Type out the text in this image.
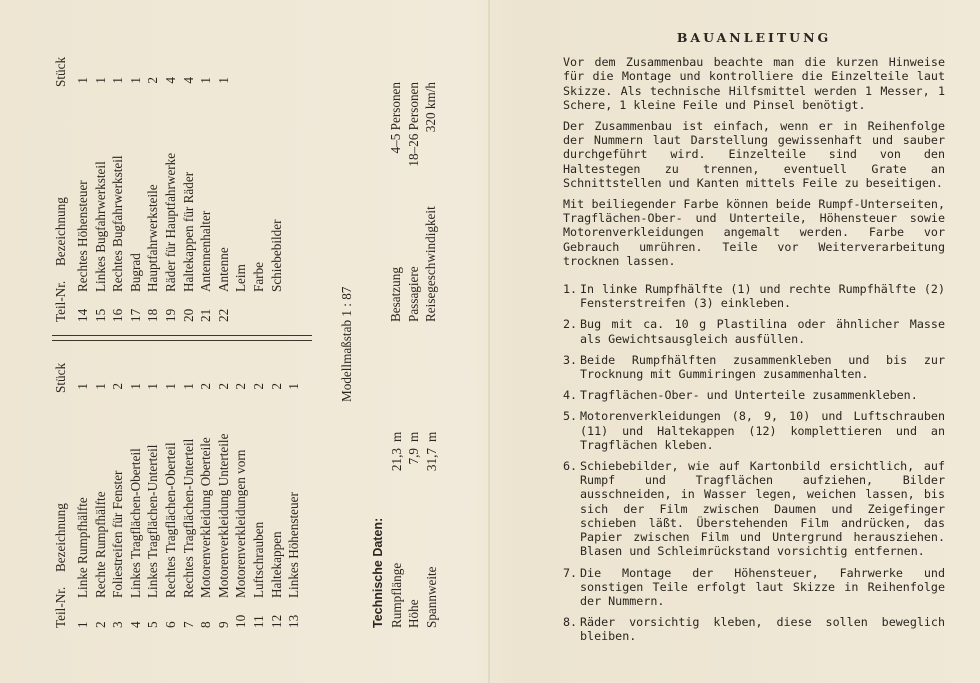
Teil-Nr.
Bezeichnung
Stück
1
Linke Rumpfhälfte
1
2
Rechte Rumpfhälfte
1
3
Foliestreifen für Fenster
2
4
Linkes Tragflächen-Oberteil
1
5
Linkes Tragflächen-Unterteil
1
6
Rechtes Tragflächen-Oberteil
1
7
Rechtes Tragflächen-Unterteil
1
8
Motorenverkleidung Oberteile
2
9
Motorenverkleidung Unterteile
2
10
Motorenverkleidungen vorn
2
11
Luftschrauben
2
12
Haltekappen
2
13
Linkes Höhensteuer
1
Teil-Nr.
Bezeichnung
Stück
14
Rechtes Höhensteuer
1
15
Linkes Bugfahrwerksteil
1
16
Rechtes Bugfahrwerksteil
1
17
Bugrad
1
18
Hauptfahrwerksteile
2
19
Räder für Hauptfahrwerke
4
20
Haltekappen für Räder
4
21
Antennenhalter
1
22
Antenne
1
Leim Farbe Schiebebilder
Modellmaßstab 1 : 87
Technische Daten: Rumpflänge
21,3
m
Höhe
7,9
m
Spannweite
31,7
m
Besatzung
4–5 Personen
Passagiere
18–26 Personen
Reisegeschwindigkeit
320 km/h
BAUANLEITUNG

Vor dem Zusammenbau beachte man die kurzen Hinweise für die Montage und kontrolliere die Einzelteile laut Skizze. Als technische Hilfsmittel werden 1 Messer, 1 Schere, 1 kleine Feile und Pinsel benötigt.

Der Zusammenbau ist einfach, wenn er in Reihenfolge der Nummern laut Darstellung gewissenhaft und sauber durchgeführt wird. Einzelteile sind von den Haltestegen zu trennen, eventuell Grate an Schnittstellen und Kanten mittels Feile zu beseitigen.

Mit beiliegender Farbe können beide Rumpf-Unterseiten, Tragflächen-Ober- und Unterteile, Höhensteuer sowie Motorenverkleidungen angemalt werden. Farbe vor Gebrauch umrühren. Teile vor Weiterverarbeitung trocknen lassen.

1. In linke Rumpfhälfte (1) und rechte Rumpfhälfte (2) Fensterstreifen (3) einkleben.
2. Bug mit ca. 10 g Plastilina oder ähnlicher Masse als Gewichtsausgleich ausfüllen.
3. Beide Rumpfhälften zusammenkleben und bis zur Trocknung mit Gummiringen zusammenhalten.
4. Tragflächen-Ober- und Unterteile zusammenkleben.
5. Motorenverkleidungen (8, 9, 10) und Luftschrauben (11) und Haltekappen (12) komplettieren und an Tragflächen kleben.
6. Schiebebilder, wie auf Kartonbild ersichtlich, auf Rumpf und Tragflächen aufziehen, Bilder ausschneiden, in Wasser legen, weichen lassen, bis sich der Film zwischen Daumen und Zeigefinger schieben läßt. Überstehenden Film andrücken, das Papier zwischen Film und Untergrund herausziehen. Blasen und Schleimrückstand vorsichtig entfernen.
7. Die Montage der Höhensteuer, Fahrwerke und sonstigen Teile erfolgt laut Skizze in Reihenfolge der Nummern.
8. Räder vorsichtig kleben, diese sollen beweglich bleiben.
